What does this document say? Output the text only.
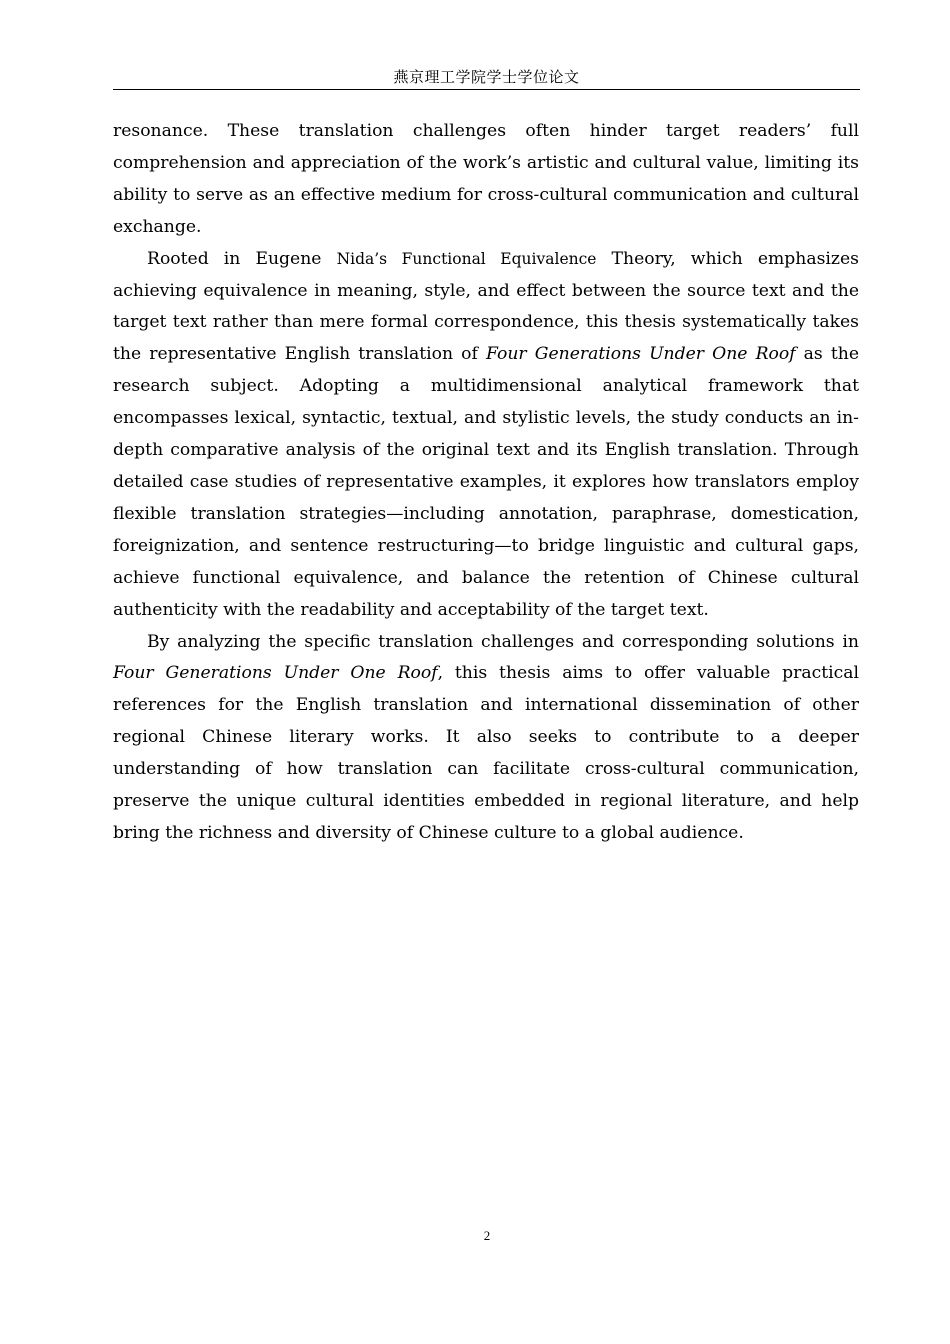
燕京理工学院学士学位论文

resonance. These translation challenges often hinder target readers’ full comprehension and appreciation of the work’s artistic and cultural value, limiting its ability to serve as an effective medium for cross-cultural communication and cultural exchange.

Rooted in Eugene Nida’s Functional Equivalence Theory, which emphasizes achieving equivalence in meaning, style, and effect between the source text and the target text rather than mere formal correspondence, this thesis systematically takes the representative English translation of Four Generations Under One Roof as the research subject. Adopting a multidimensional analytical framework that encompasses lexical, syntactic, textual, and stylistic levels, the study conducts an in-depth comparative analysis of the original text and its English translation. Through detailed case studies of representative examples, it explores how translators employ flexible translation strategies—including annotation, paraphrase, domestication, foreignization, and sentence restructuring—to bridge linguistic and cultural gaps, achieve functional equivalence, and balance the retention of Chinese cultural authenticity with the readability and acceptability of the target text.

By analyzing the specific translation challenges and corresponding solutions in Four Generations Under One Roof, this thesis aims to offer valuable practical references for the English translation and international dissemination of other regional Chinese literary works. It also seeks to contribute to a deeper understanding of how translation can facilitate cross-cultural communication, preserve the unique cultural identities embedded in regional literature, and help bring the richness and diversity of Chinese culture to a global audience.

2
